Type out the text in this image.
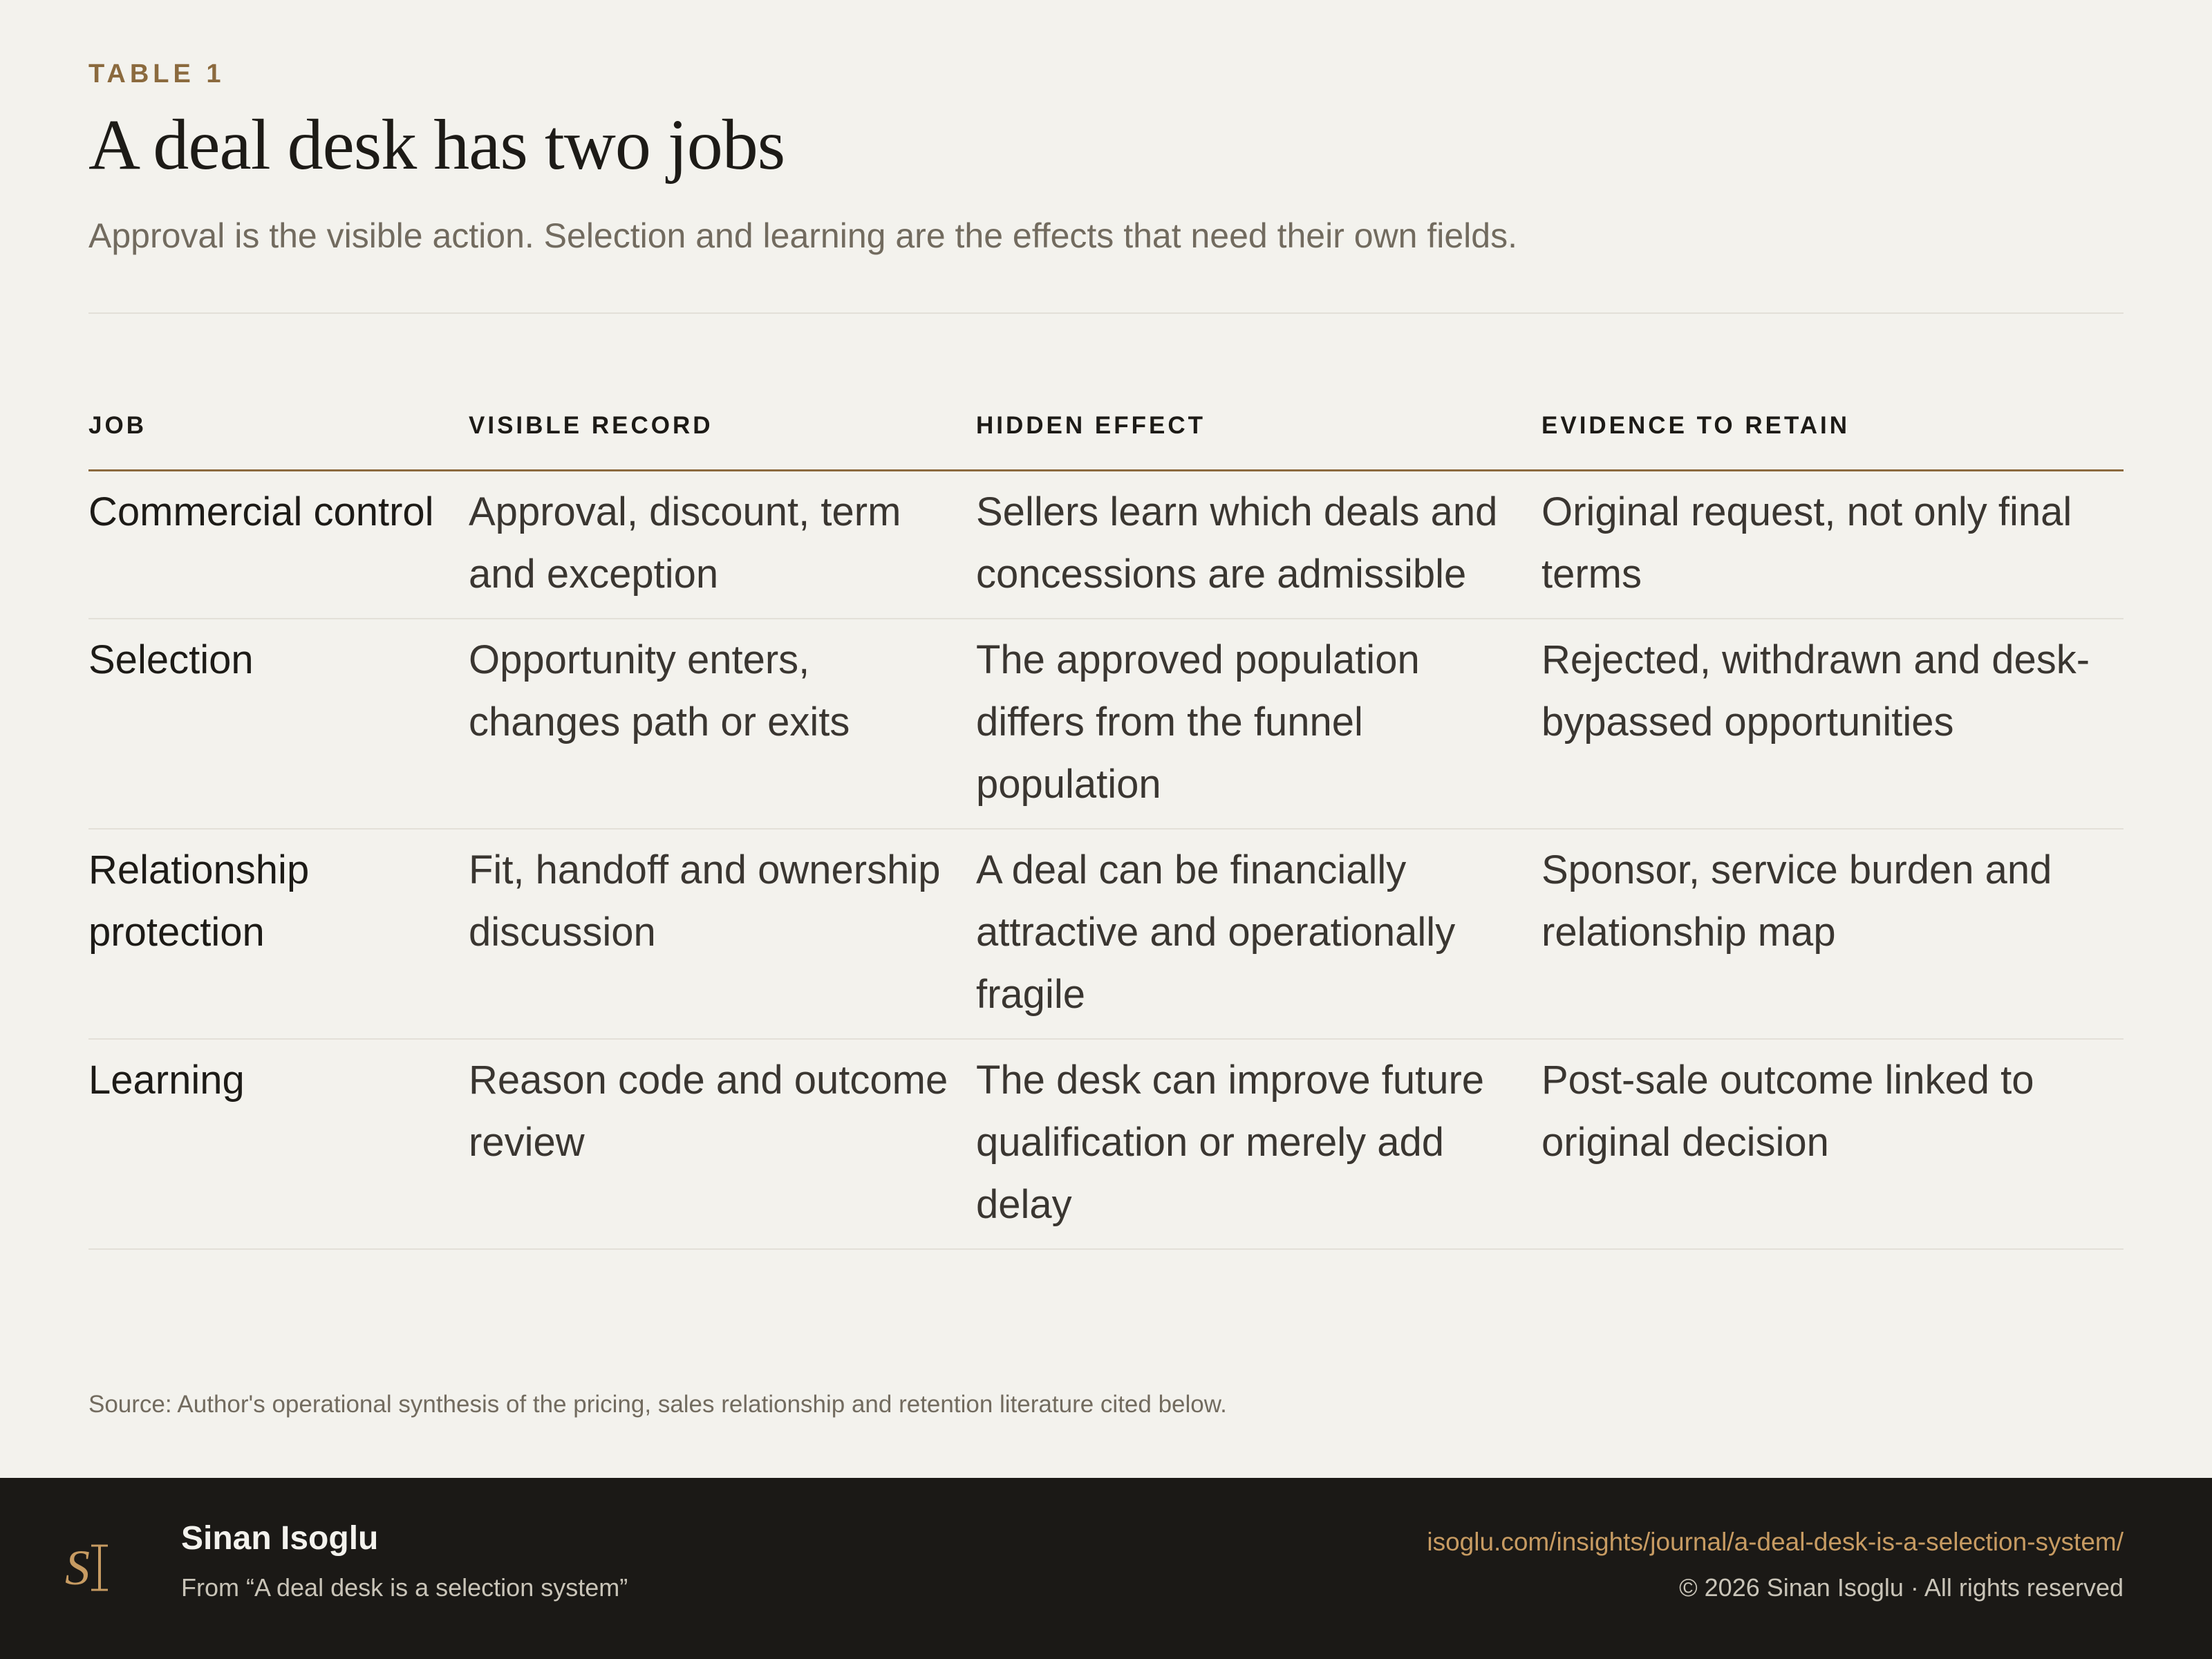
TABLE 1
A deal desk has two jobs
Approval is the visible action. Selection and learning are the effects that need their own fields.
JOB	VISIBLE RECORD	HIDDEN EFFECT	EVIDENCE TO RETAIN
Commercial control	Approval, discount, term and exception	Sellers learn which deals and concessions are admissible	Original request, not only final terms
Selection	Opportunity enters, changes path or exits	The approved population differs from the funnel population	Rejected, withdrawn and desk-bypassed opportunities
Relationship protection	Fit, handoff and ownership discussion	A deal can be financially attractive and operationally fragile	Sponsor, service burden and relationship map
Learning	Reason code and outcome review	The desk can improve future qualification or merely add delay	Post-sale outcome linked to original decision
Source: Author's operational synthesis of the pricing, sales relationship and retention literature cited below.
S
Sinan Isoglu
From “A deal desk is a selection system”
isoglu.com/insights/journal/a-deal-desk-is-a-selection-system/
© 2026 Sinan Isoglu · All rights reserved
